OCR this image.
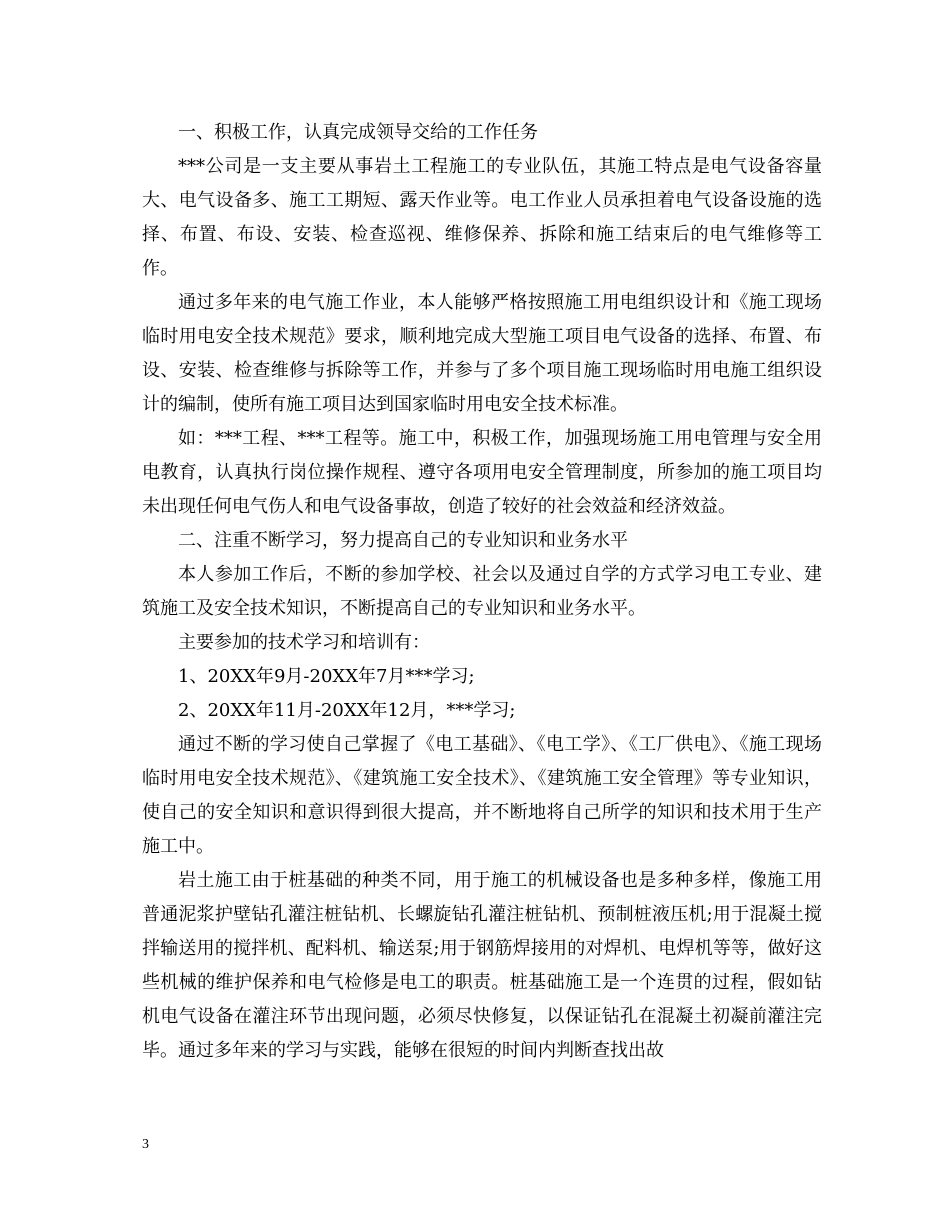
一、积极工作，认真完成领导交给的工作任务

***公司是一支主要从事岩土工程施工的专业队伍，其施工特点是电气设备容量大、电气设备多、施工工期短、露天作业等。电工作业人员承担着电气设备设施的选择、布置、布设、安装、检查巡视、维修保养、拆除和施工结束后的电气维修等工作。

通过多年来的电气施工作业，本人能够严格按照施工用电组织设计和《施工现场临时用电安全技术规范》要求，顺利地完成大型施工项目电气设备的选择、布置、布设、安装、检查维修与拆除等工作，并参与了多个项目施工现场临时用电施工组织设计的编制，使所有施工项目达到国家临时用电安全技术标准。

如：***工程、***工程等。施工中，积极工作，加强现场施工用电管理与安全用电教育，认真执行岗位操作规程、遵守各项用电安全管理制度，所参加的施工项目均未出现任何电气伤人和电气设备事故，创造了较好的社会效益和经济效益。

二、注重不断学习，努力提高自己的专业知识和业务水平

本人参加工作后，不断的参加学校、社会以及通过自学的方式学习电工专业、建筑施工及安全技术知识，不断提高自己的专业知识和业务水平。

主要参加的技术学习和培训有：

1、20XX年9月-20XX年7月***学习;

2、20XX年11月-20XX年12月，***学习;

通过不断的学习使自己掌握了《电工基础》、《电工学》、《工厂供电》、《施工现场临时用电安全技术规范》、《建筑施工安全技术》、《建筑施工安全管理》等专业知识，使自己的安全知识和意识得到很大提高，并不断地将自己所学的知识和技术用于生产施工中。

岩土施工由于桩基础的种类不同，用于施工的机械设备也是多种多样，像施工用普通泥浆护壁钻孔灌注桩钻机、长螺旋钻孔灌注桩钻机、预制桩液压机;用于混凝土搅拌输送用的搅拌机、配料机、输送泵;用于钢筋焊接用的对焊机、电焊机等等，做好这些机械的维护保养和电气检修是电工的职责。桩基础施工是一个连贯的过程，假如钻机电气设备在灌注环节出现问题，必须尽快修复，以保证钻孔在混凝土初凝前灌注完毕。通过多年来的学习与实践，能够在很短的时间内判断查找出故

3
